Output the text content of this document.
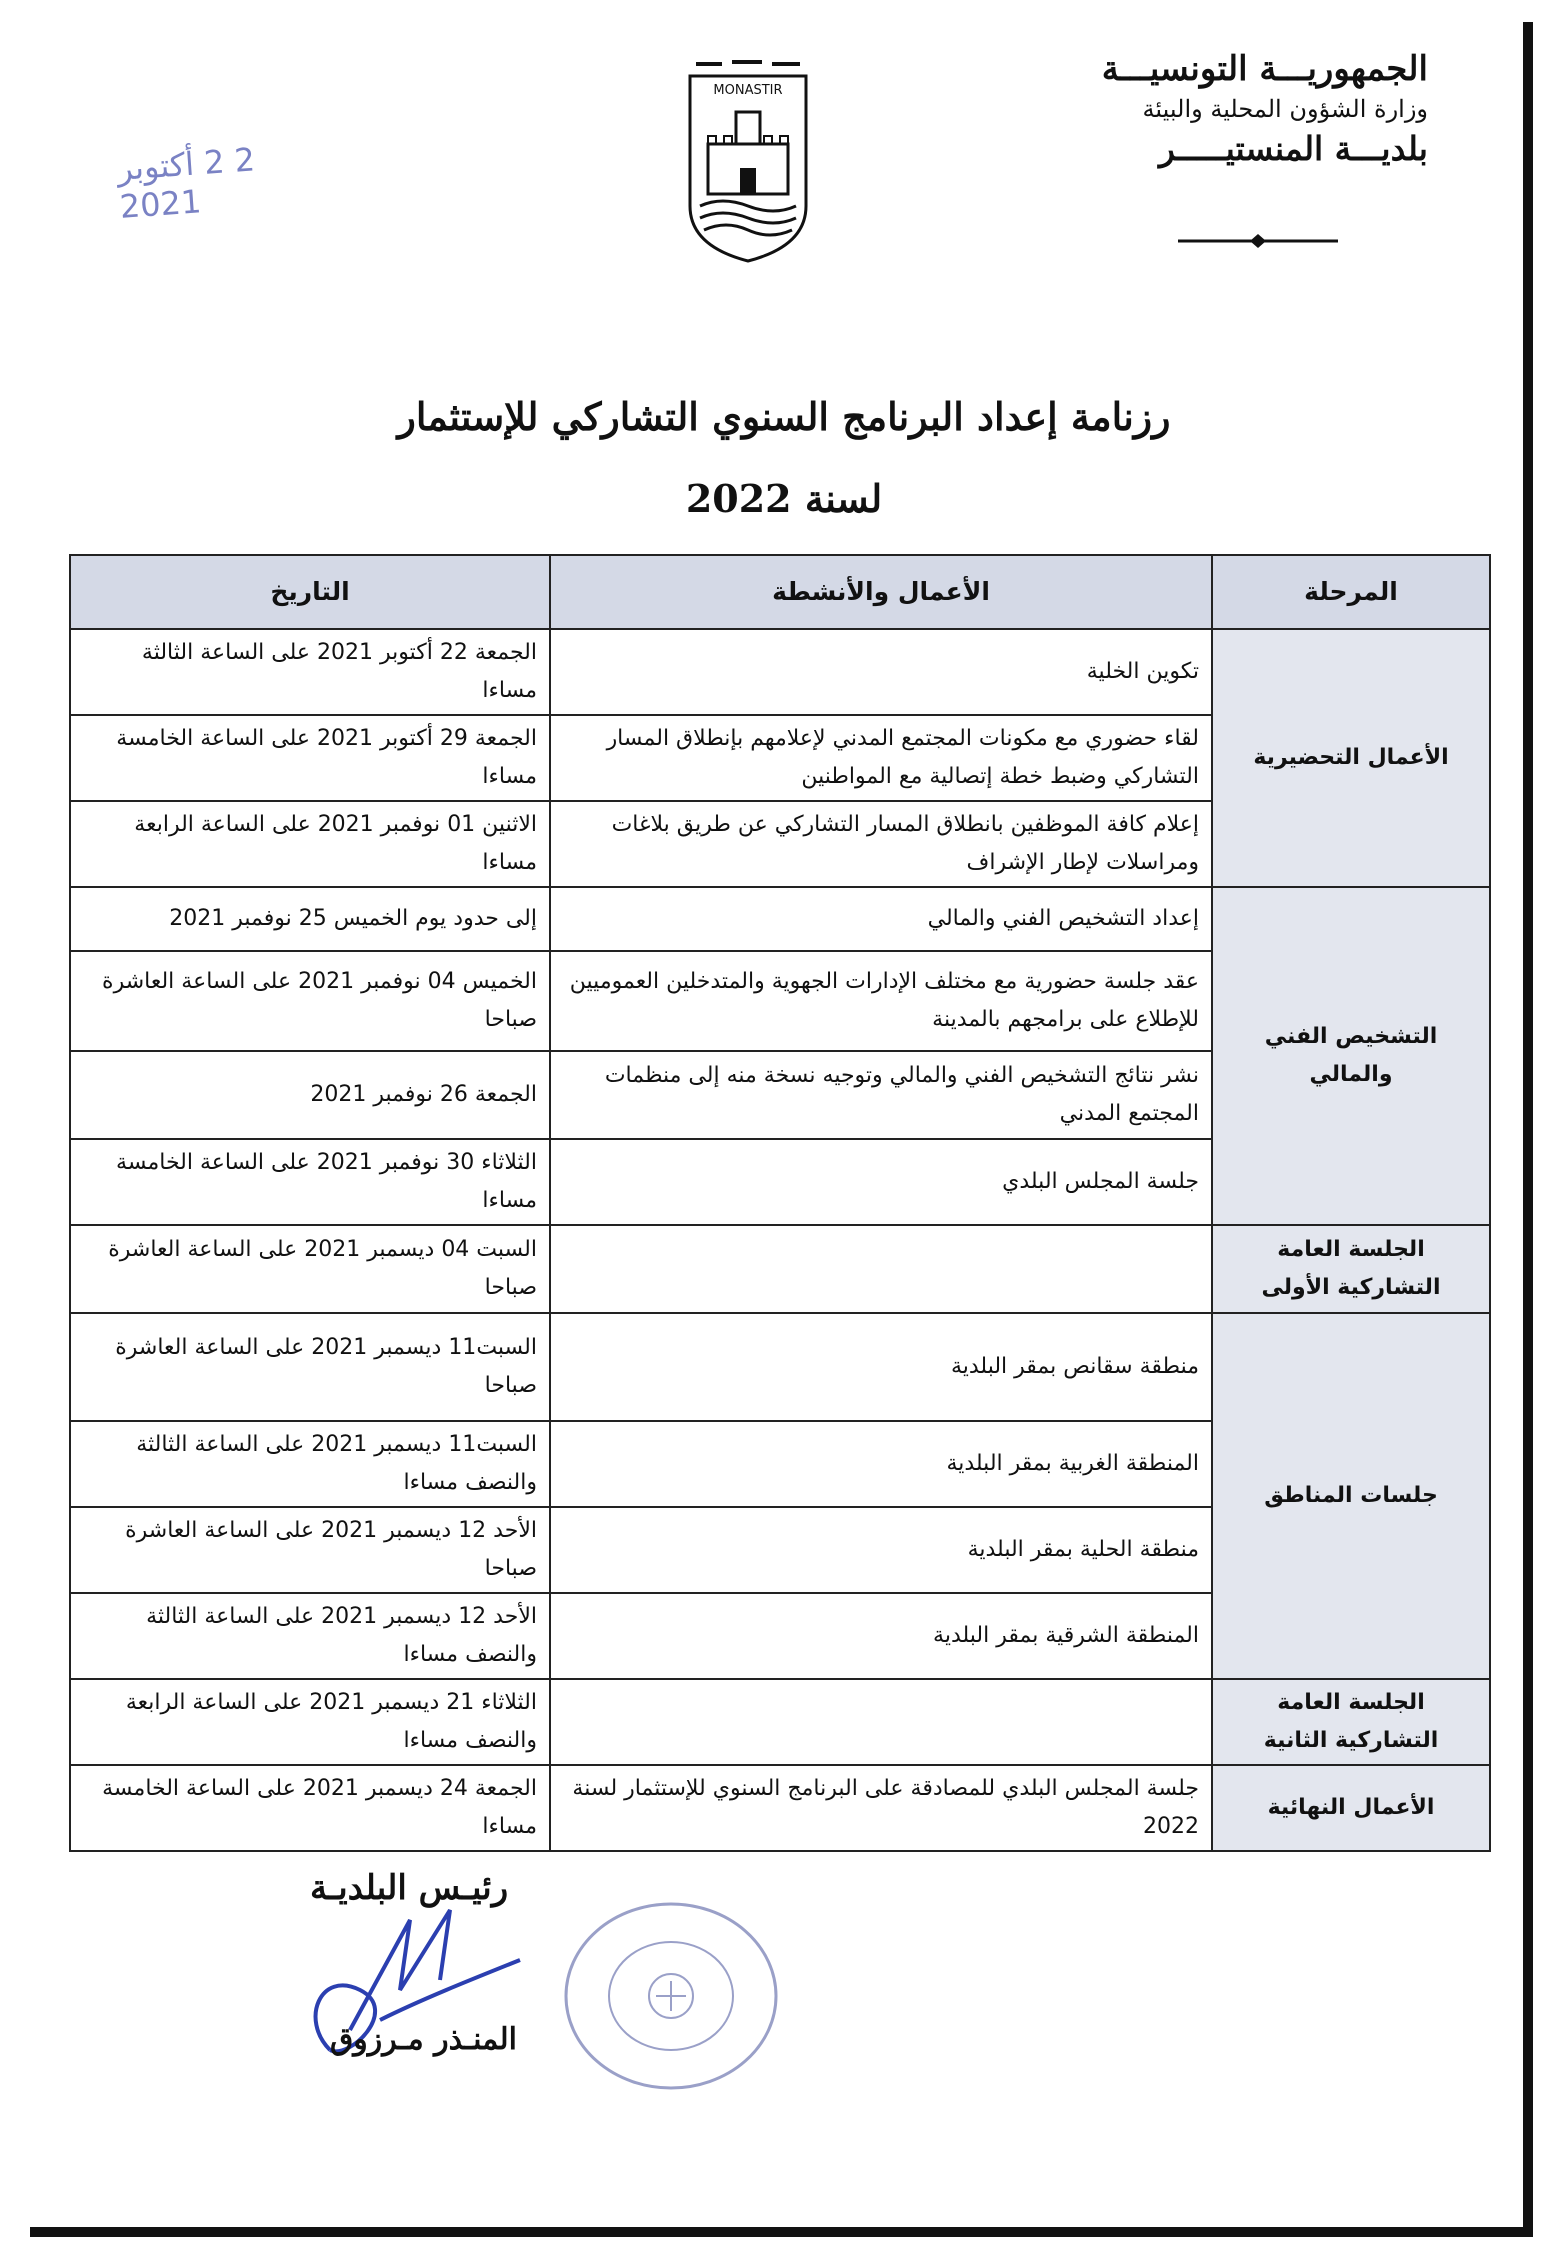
الجمهوريـــة التونسيـــة
وزارة الشؤون المحلية والبيئة
بلديـــة المنستيـــــر
MONASTIR
2 2 أكتوبر 2021
رزنامة إعداد البرنامج السنوي التشاركي للإستثمار
لسنة 2022
المرحلة	الأعمال والأنشطة	التاريخ
الأعمال التحضيرية	تكوين الخلية	الجمعة 22 أكتوبر 2021 على الساعة الثالثة مساءا
	لقاء حضوري مع مكونات المجتمع المدني لإعلامهم بإنطلاق المسار التشاركي وضبط خطة إتصالية مع المواطنين	الجمعة 29 أكتوبر 2021 على الساعة الخامسة مساءا
	إعلام كافة الموظفين بانطلاق المسار التشاركي عن طريق بلاغات ومراسلات لإطار الإشراف	الاثنين 01 نوفمبر 2021 على الساعة الرابعة مساءا
التشخيص الفني والمالي	إعداد التشخيص الفني والمالي	إلى حدود يوم الخميس 25 نوفمبر 2021
	عقد جلسة حضورية مع مختلف الإدارات الجهوية والمتدخلين العموميين للإطلاع على برامجهم بالمدينة	الخميس 04 نوفمبر 2021 على الساعة العاشرة صباحا
	نشر نتائج التشخيص الفني والمالي وتوجيه نسخة منه إلى منظمات المجتمع المدني	الجمعة 26 نوفمبر 2021
	جلسة المجلس البلدي	الثلاثاء 30 نوفمبر 2021 على الساعة الخامسة مساءا
الجلسة العامة التشاركية الأولى		السبت 04 ديسمبر 2021 على الساعة العاشرة صباحا
جلسات المناطق	منطقة سقانص بمقر البلدية	السبت11 ديسمبر 2021 على الساعة العاشرة صباحا
	المنطقة الغربية بمقر البلدية	السبت11 ديسمبر 2021 على الساعة الثالثة والنصف مساءا
	منطقة الحلية بمقر البلدية	الأحد 12 ديسمبر 2021 على الساعة العاشرة صباحا
	المنطقة الشرقية بمقر البلدية	الأحد 12 ديسمبر 2021 على الساعة الثالثة والنصف مساءا
الجلسة العامة التشاركية الثانية		الثلاثاء 21 ديسمبر 2021 على الساعة الرابعة والنصف مساءا
الأعمال النهائية	جلسة المجلس البلدي للمصادقة على البرنامج السنوي للإستثمار لسنة 2022	الجمعة 24 ديسمبر 2021 على الساعة الخامسة مساءا
رئيـس البلديـة
المنـذر مـرزوق
